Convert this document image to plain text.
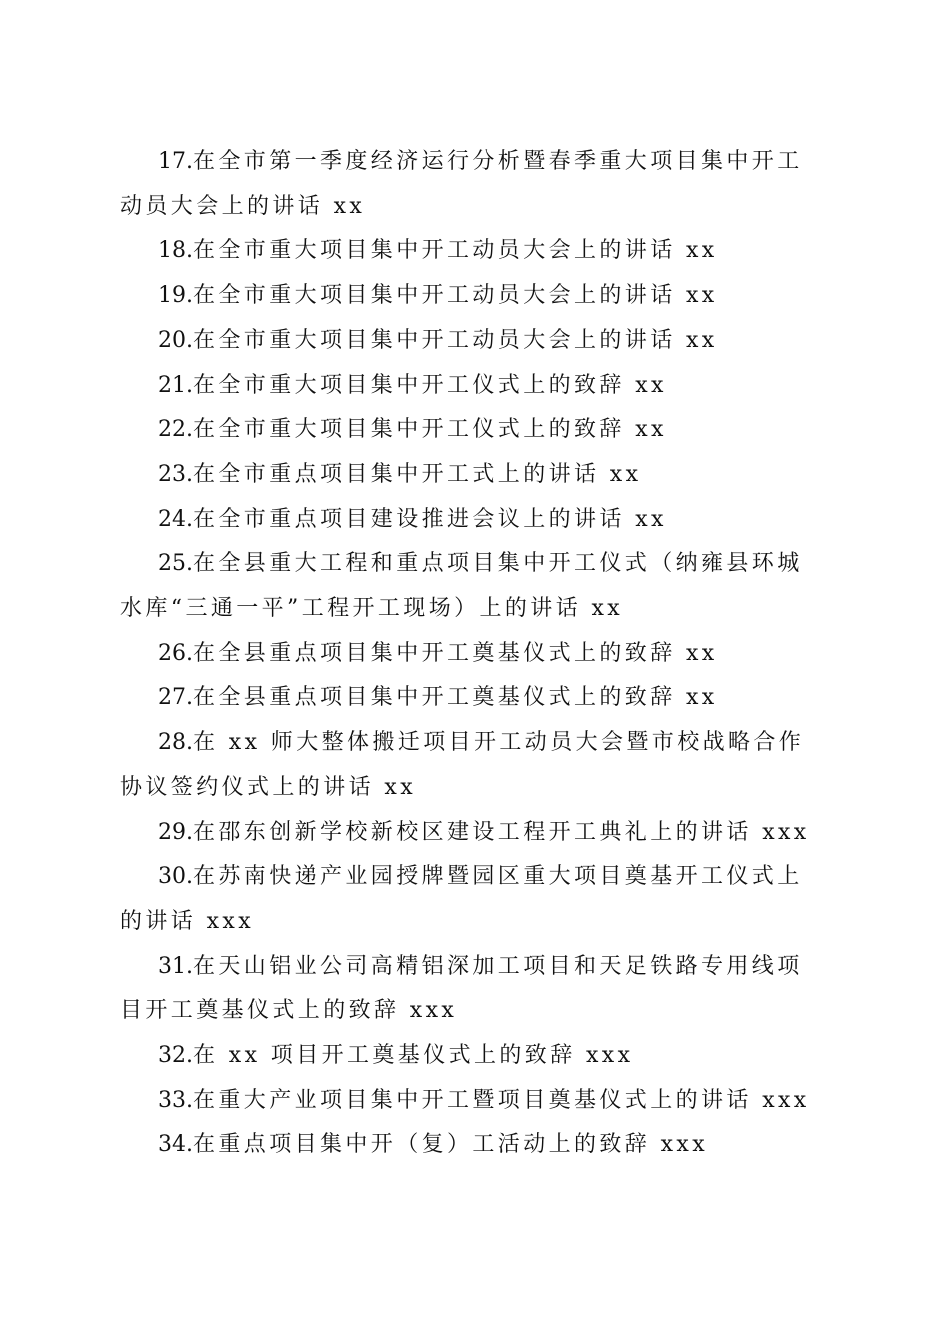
17.在全市第一季度经济运行分析暨春季重大项目集中开工动员大会上的讲话 xx
18.在全市重大项目集中开工动员大会上的讲话 xx
19.在全市重大项目集中开工动员大会上的讲话 xx
20.在全市重大项目集中开工动员大会上的讲话 xx
21.在全市重大项目集中开工仪式上的致辞 xx
22.在全市重大项目集中开工仪式上的致辞 xx
23.在全市重点项目集中开工式上的讲话 xx
24.在全市重点项目建设推进会议上的讲话 xx
25.在全县重大工程和重点项目集中开工仪式（纳雍县环城水库“三通一平”工程开工现场）上的讲话 xx
26.在全县重点项目集中开工奠基仪式上的致辞 xx
27.在全县重点项目集中开工奠基仪式上的致辞 xx
28.在 xx 师大整体搬迁项目开工动员大会暨市校战略合作协议签约仪式上的讲话 xx
29.在邵东创新学校新校区建设工程开工典礼上的讲话 xxx
30.在苏南快递产业园授牌暨园区重大项目奠基开工仪式上的讲话 xxx
31.在天山铝业公司高精铝深加工项目和天足铁路专用线项目开工奠基仪式上的致辞 xxx
32.在 xx 项目开工奠基仪式上的致辞 xxx
33.在重大产业项目集中开工暨项目奠基仪式上的讲话 xxx
34.在重点项目集中开（复）工活动上的致辞 xxx
